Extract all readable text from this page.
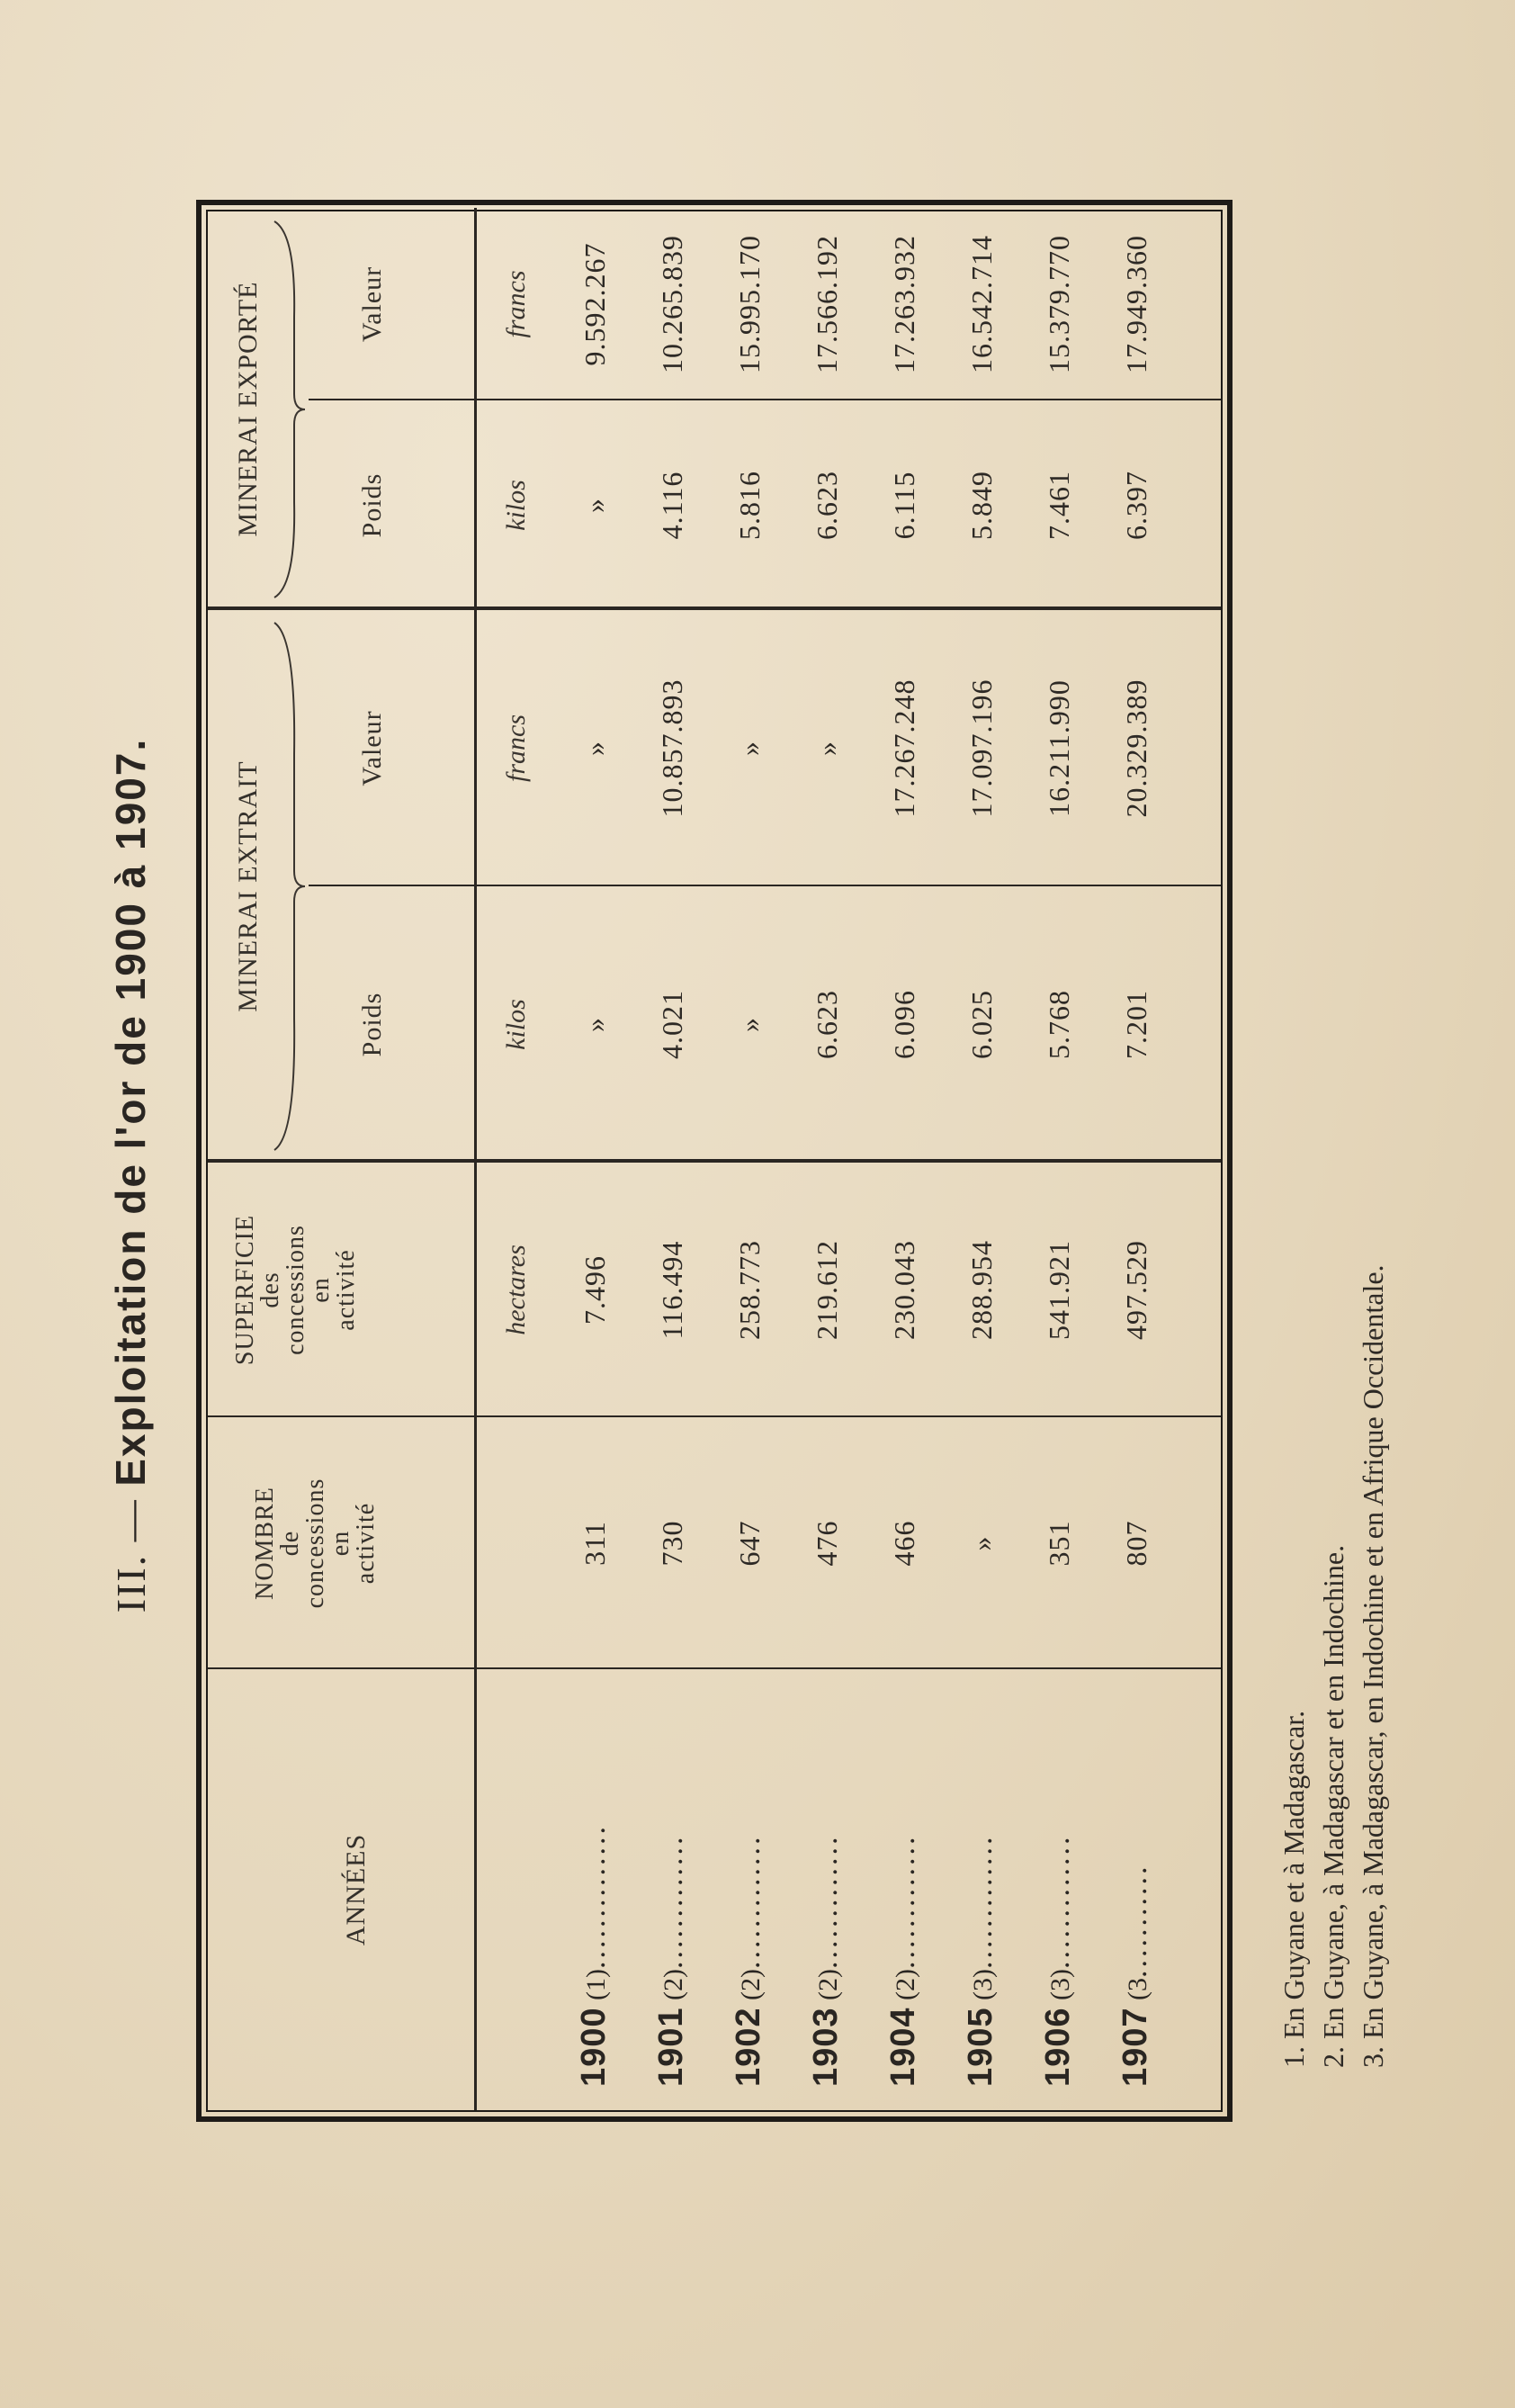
III. — Exploitation de l'or de 1900 à 1907.
ANNÉES
NOMBRE
de
concessions
en
activité
SUPERFICIE
des
concessions
en
activité
MINERAI EXTRAIT
Poids
Valeur
MINERAI EXPORTÉ	Poids
Valeur
hectares
kilos
francs
kilos
francs
1900 (1)..............
311
7.496
»
»
»
9.592.267
1901 (2).............
730
116.494
4.021
10.857.893
4.116
10.265.839
1902 (2).............
647
258.773
»
»
5.816
15.995.170
1903 (2).............
476
219.612
6.623
»
6.623
17.566.192
1904 (2).............
466
230.043
6.096
17.267.248
6.115
17.263.932
1905 (3).............
»
288.954
6.025
17.097.196
5.849
16.542.714
1906 (3).............
351
541.921
5.768
16.211.990
7.461
15.379.770
1907 (3...........
807
497.529
7.201
20.329.389
6.397
17.949.360
1. En Guyane et à Madagascar. 2. En Guyane, à Madagascar et en Indochine. 3. En Guyane, à Madagascar, en Indochine et en Afrique Occidentale.
